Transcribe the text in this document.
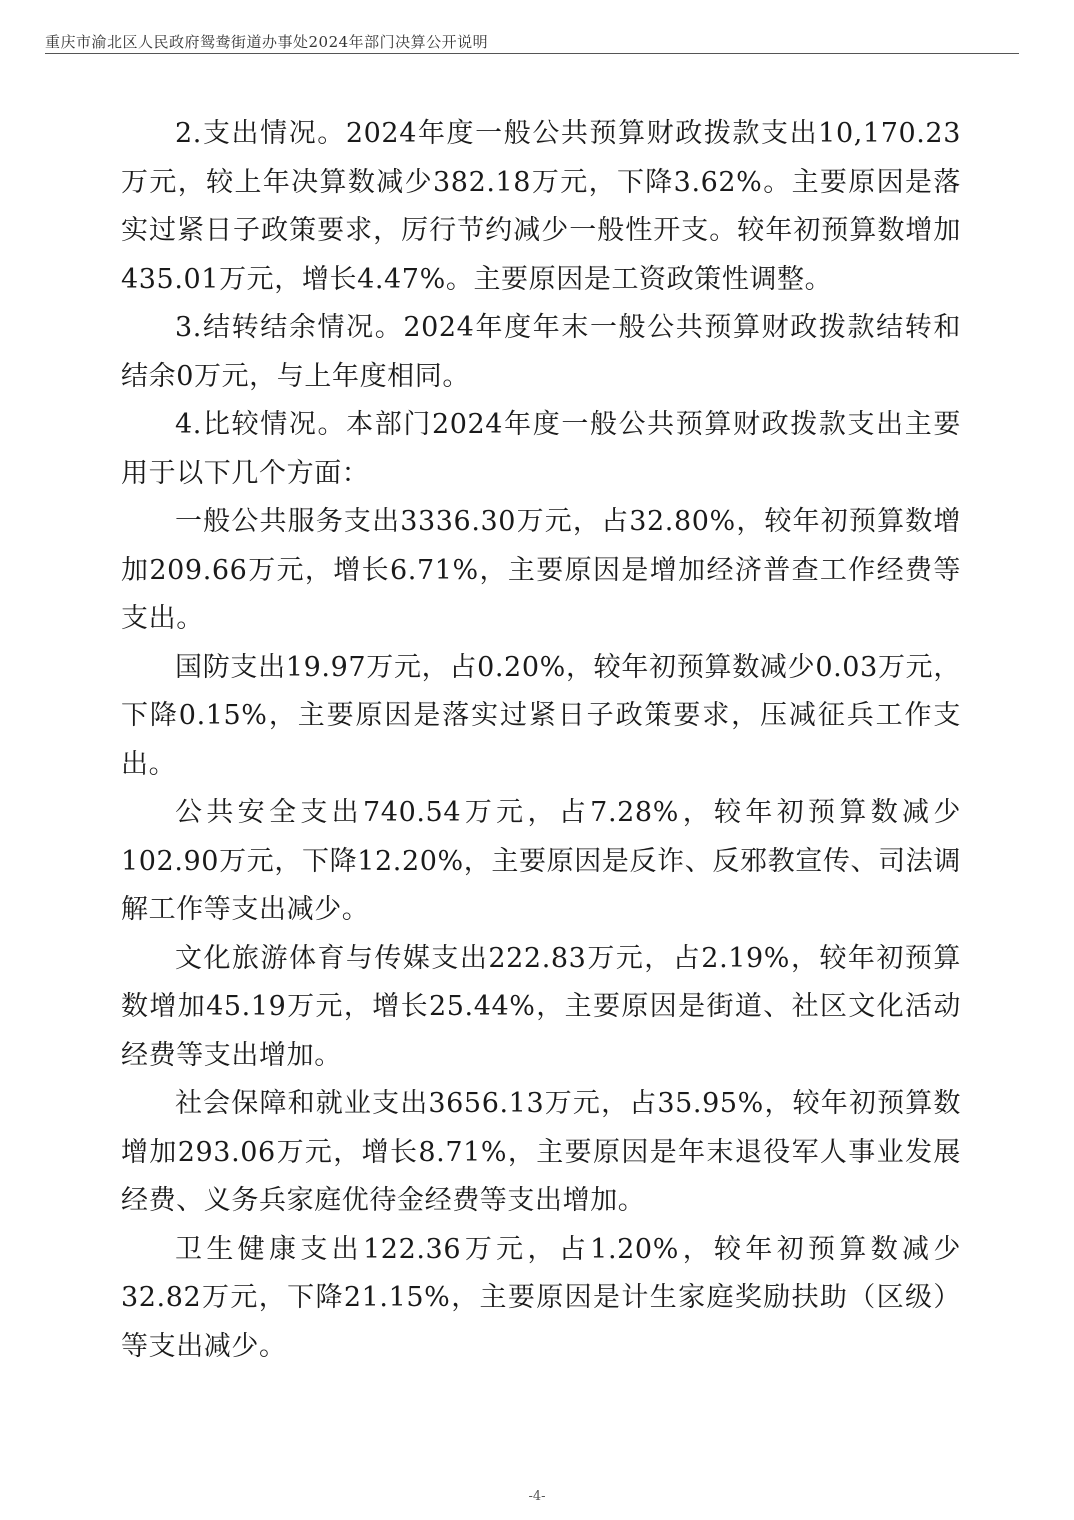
重庆市渝北区人民政府鸳鸯街道办事处2024年部门决算公开说明

2.支出情况。2024年度一般公共预算财政拨款支出10,170.23万元，较上年决算数减少382.18万元，下降3.62%。主要原因是落实过紧日子政策要求，厉行节约减少一般性开支。较年初预算数增加435.01万元，增长4.47%。主要原因是工资政策性调整。

3.结转结余情况。2024年度年末一般公共预算财政拨款结转和结余0万元，与上年度相同。

4.比较情况。本部门2024年度一般公共预算财政拨款支出主要用于以下几个方面：

一般公共服务支出3336.30万元，占32.80%，较年初预算数增加209.66万元，增长6.71%，主要原因是增加经济普查工作经费等支出。

国防支出19.97万元，占0.20%，较年初预算数减少0.03万元，下降0.15%，主要原因是落实过紧日子政策要求，压减征兵工作支出。

公共安全支出740.54万元，占7.28%，较年初预算数减少102.90万元，下降12.20%，主要原因是反诈、反邪教宣传、司法调解工作等支出减少。

文化旅游体育与传媒支出222.83万元，占2.19%，较年初预算数增加45.19万元，增长25.44%，主要原因是街道、社区文化活动经费等支出增加。

社会保障和就业支出3656.13万元，占35.95%，较年初预算数增加293.06万元，增长8.71%，主要原因是年末退役军人事业发展经费、义务兵家庭优待金经费等支出增加。

卫生健康支出122.36万元，占1.20%，较年初预算数减少32.82万元，下降21.15%，主要原因是计生家庭奖励扶助（区级）等支出减少。

-4-
